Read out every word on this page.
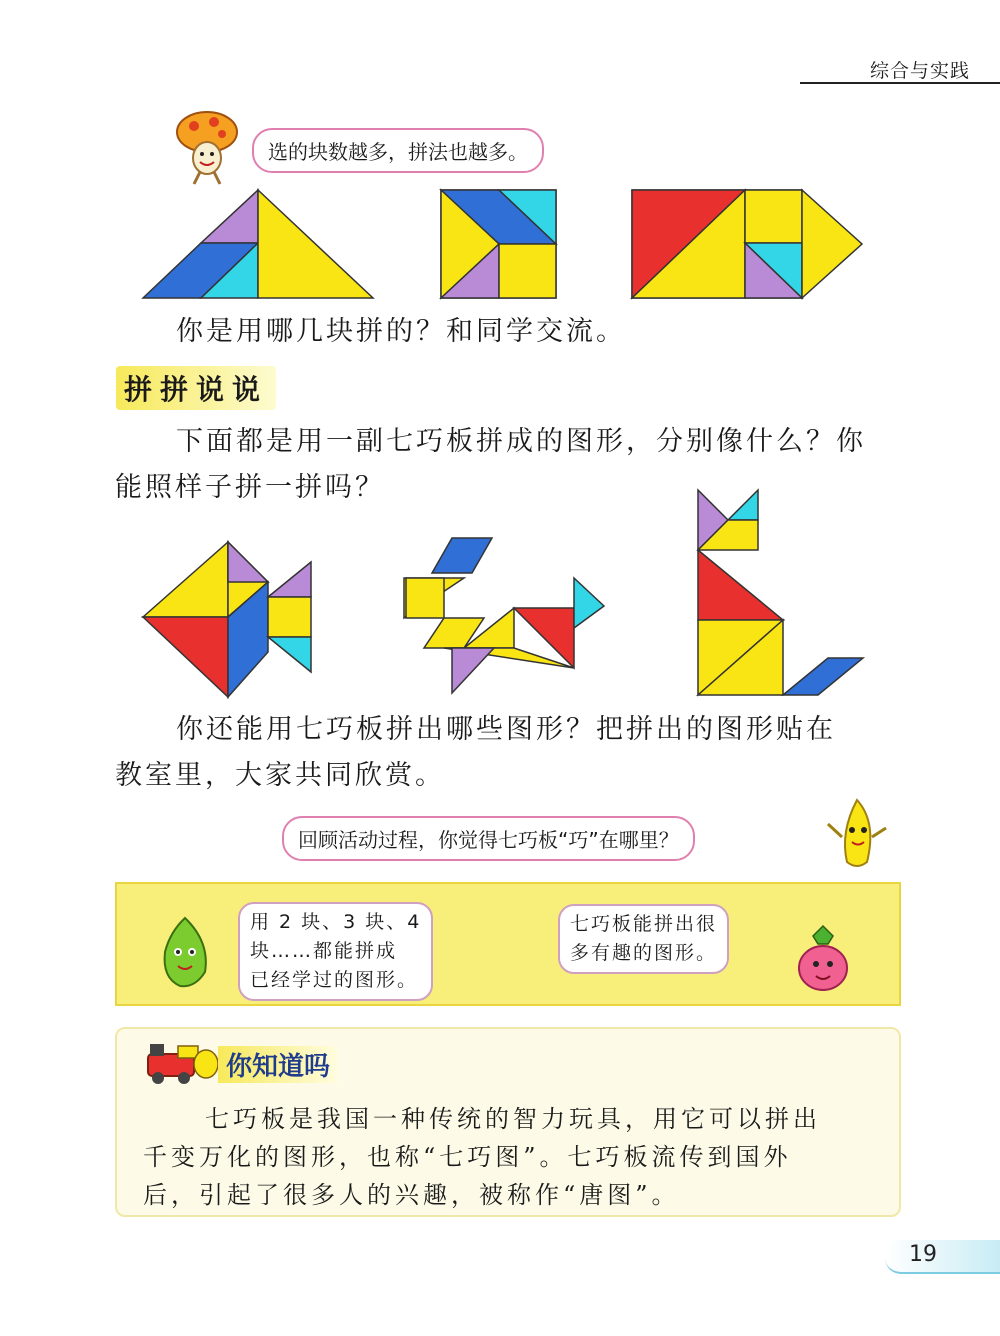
综合与实践
选的块数越多，拼法也越多。
你是用哪几块拼的？和同学交流。
拼拼说说
下面都是用一副七巧板拼成的图形，分别像什么？你
能照样子拼一拼吗？
你还能用七巧板拼出哪些图形？把拼出的图形贴在
教室里，大家共同欣赏。
回顾活动过程，你觉得七巧板“巧”在哪里？
用 2 块、3 块、4
块……都能拼成
已经学过的图形。
七巧板能拼出很
多有趣的图形。
你知道吗
七巧板是我国一种传统的智力玩具，用它可以拼出
千变万化的图形，也称“七巧图”。七巧板流传到国外
后，引起了很多人的兴趣，被称作“唐图”。
19
